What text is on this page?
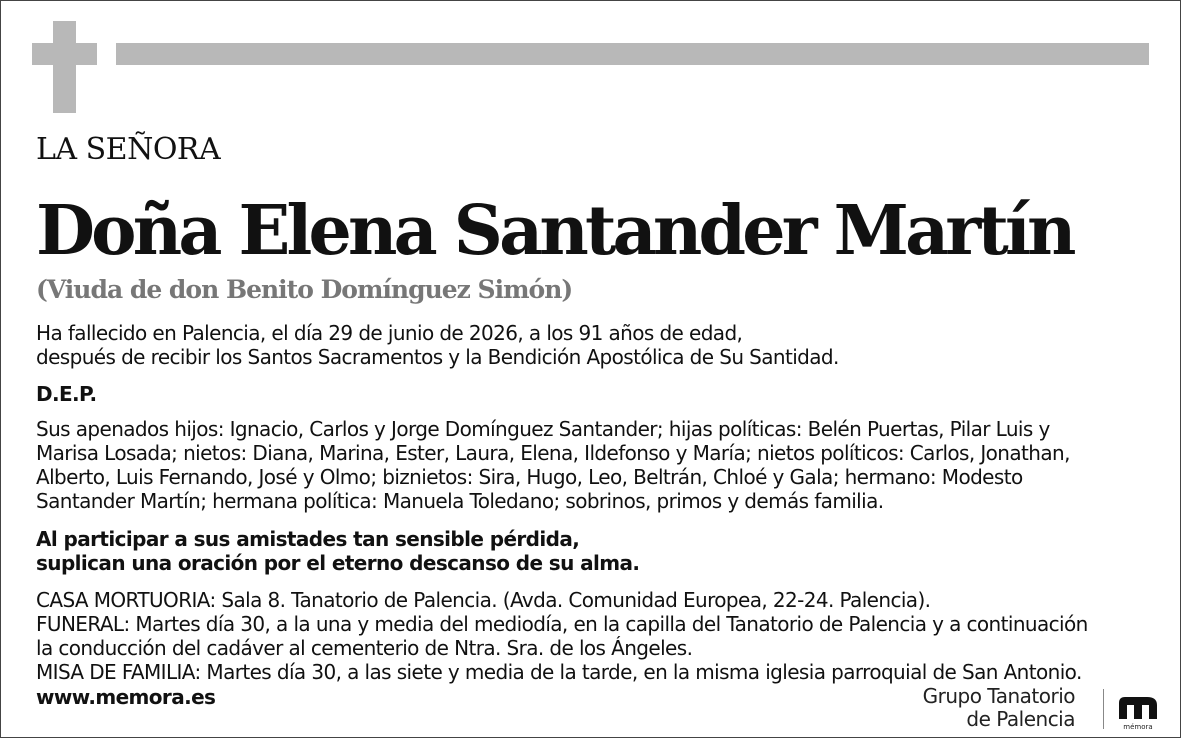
LA SEÑORA
Doña Elena Santander Martín
(Viuda de don Benito Domínguez Simón)
Ha fallecido en Palencia, el día 29 de junio de 2026, a los 91 años de edad,
después de recibir los Santos Sacramentos y la Bendición Apostólica de Su Santidad.
D.E.P.
Sus apenados hijos: Ignacio, Carlos y Jorge Domínguez Santander; hijas políticas: Belén Puertas, Pilar Luis y
Marisa Losada; nietos: Diana, Marina, Ester, Laura, Elena, Ildefonso y María; nietos políticos: Carlos, Jonathan,
Alberto, Luis Fernando, José y Olmo; biznietos: Sira, Hugo, Leo, Beltrán, Chloé y Gala; hermano: Modesto
Santander Martín; hermana política: Manuela Toledano; sobrinos, primos y demás familia.
Al participar a sus amistades tan sensible pérdida,
suplican una oración por el eterno descanso de su alma.
CASA MORTUORIA: Sala 8. Tanatorio de Palencia. (Avda. Comunidad Europea, 22-24. Palencia).
FUNERAL: Martes día 30, a la una y media del mediodía, en la capilla del Tanatorio de Palencia y a continuación
la conducción del cadáver al cementerio de Ntra. Sra. de los Ángeles.
MISA DE FAMILIA: Martes día 30, a las siete y media de la tarde, en la misma iglesia parroquial de San Antonio.
www.memora.es	Grupo Tanatorio
de Palencia	mémora
